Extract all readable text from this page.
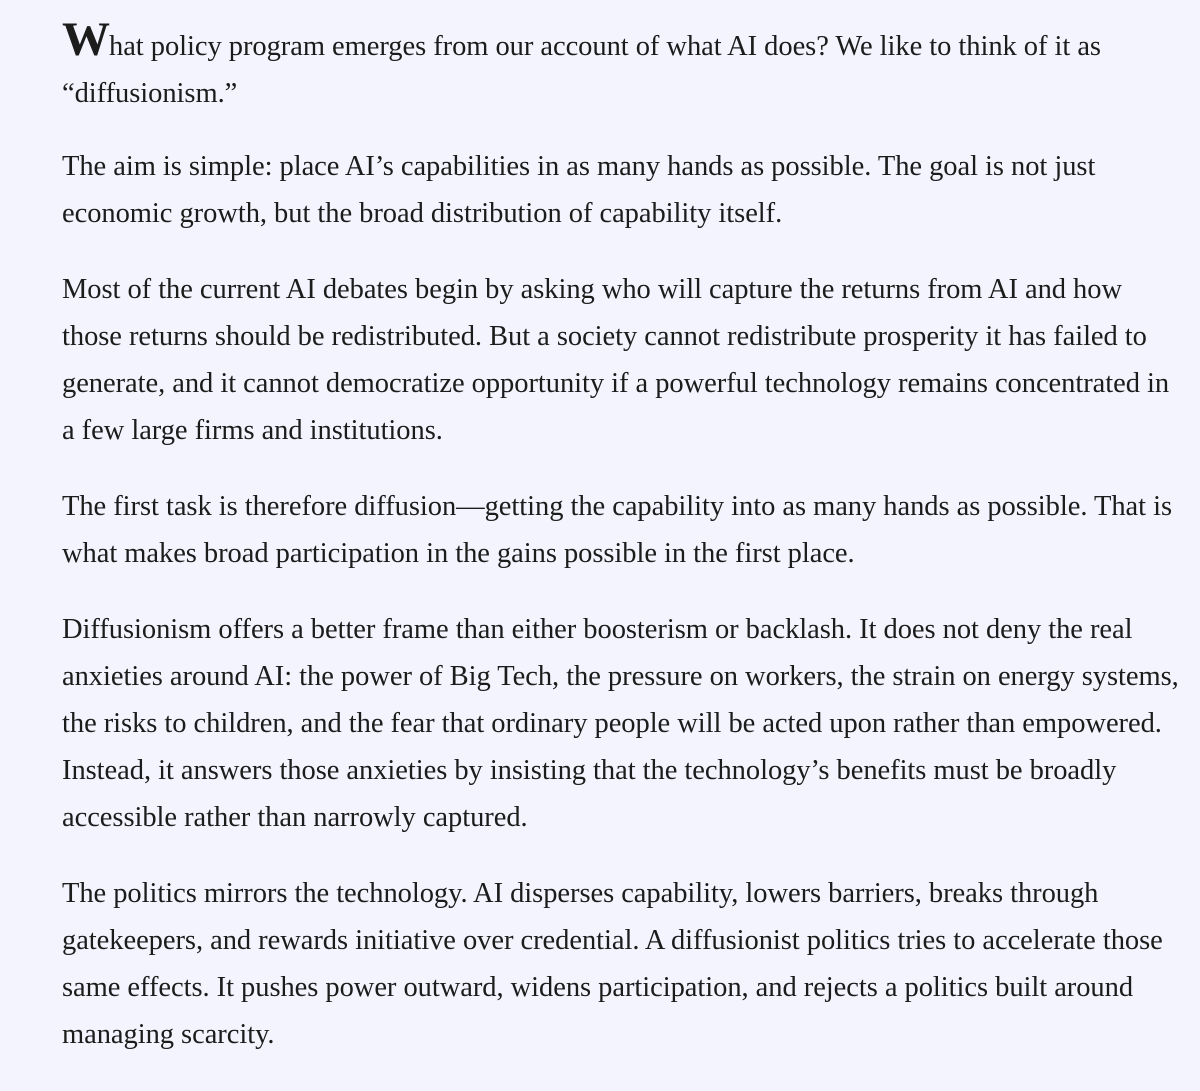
What policy program emerges from our account of what AI does? We like to think of it as “diffusionism.”

The aim is simple: place AI’s capabilities in as many hands as possible. The goal is not just economic growth, but the broad distribution of capability itself.

Most of the current AI debates begin by asking who will capture the returns from AI and how those returns should be redistributed. But a society cannot redistribute prosperity it has failed to generate, and it cannot democratize opportunity if a powerful technology remains concentrated in a few large firms and institutions.

The first task is therefore diffusion—getting the capability into as many hands as possible. That is what makes broad participation in the gains possible in the first place.

Diffusionism offers a better frame than either boosterism or backlash. It does not deny the real anxieties around AI: the power of Big Tech, the pressure on workers, the strain on energy systems, the risks to children, and the fear that ordinary people will be acted upon rather than empowered. Instead, it answers those anxieties by insisting that the technology’s benefits must be broadly accessible rather than narrowly captured.

The politics mirrors the technology. AI disperses capability, lowers barriers, breaks through gatekeepers, and rewards initiative over credential. A diffusionist politics tries to accelerate those same effects. It pushes power outward, widens participation, and rejects a politics built around managing scarcity.
